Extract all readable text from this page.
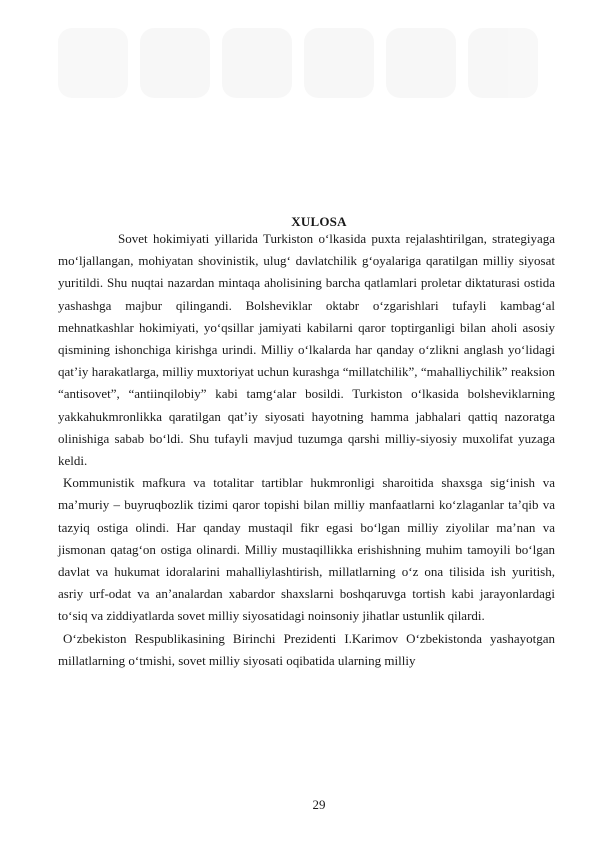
XULOSA

Sovet hokimiyati yillarida Turkiston o‘lkasida puxta rejalashtirilgan, strategiyaga mo‘ljallangan, mohiyatan shovinistik, ulug‘ davlatchilik g‘oyalariga qaratilgan milliy siyosat yuritildi. Shu nuqtai nazardan mintaqa aholisining barcha qatlamlari proletar diktaturasi ostida yashashga majbur qilingandi. Bolsheviklar oktabr o‘zgarishlari tufayli kambag‘al mehnatkashlar hokimiyati, yo‘qsillar jamiyati kabilarni qaror toptirganligi bilan aholi asosiy qismining ishonchiga kirishga urindi. Milliy o‘lkalarda har qanday o‘zlikni anglash yo‘lidagi qat’iy harakatlarga, milliy muxtoriyat uchun kurashga “millatchilik”, “mahalliychilik” reaksion “antisovet”, “antiinqilobiy” kabi tamg‘alar bosildi. Turkiston o‘lkasida bolsheviklarning yakkahukmronlikka qaratilgan qat’iy siyosati hayotning hamma jabhalari qattiq nazoratga olinishiga sabab bo‘ldi. Shu tufayli mavjud tuzumga qarshi milliy-siyosiy muxolifat yuzaga keldi.

Kommunistik mafkura va totalitar tartiblar hukmronligi sharoitida shaxsga sig‘inish va ma’muriy – buyruqbozlik tizimi qaror topishi bilan milliy manfaatlarni ko‘zlaganlar ta’qib va tazyiq ostiga olindi. Har qanday mustaqil fikr egasi bo‘lgan milliy ziyolilar ma’nan va jismonan qatag‘on ostiga olinardi. Milliy mustaqillikka erishishning muhim tamoyili bo‘lgan davlat va hukumat idoralarini mahalliylashtirish, millatlarning o‘z ona tilisida ish yuritish, asriy urf-odat va an’analardan xabardor shaxslarni boshqaruvga tortish kabi jarayonlardagi to‘siq va ziddiyatlarda sovet milliy siyosatidagi noinsoniy jihatlar ustunlik qilardi.

O‘zbekiston Respublikasining Birinchi Prezidenti I.Karimov O‘zbekistonda yashayotgan millatlarning o‘tmishi, sovet milliy siyosati oqibatida ularning milliy

29
